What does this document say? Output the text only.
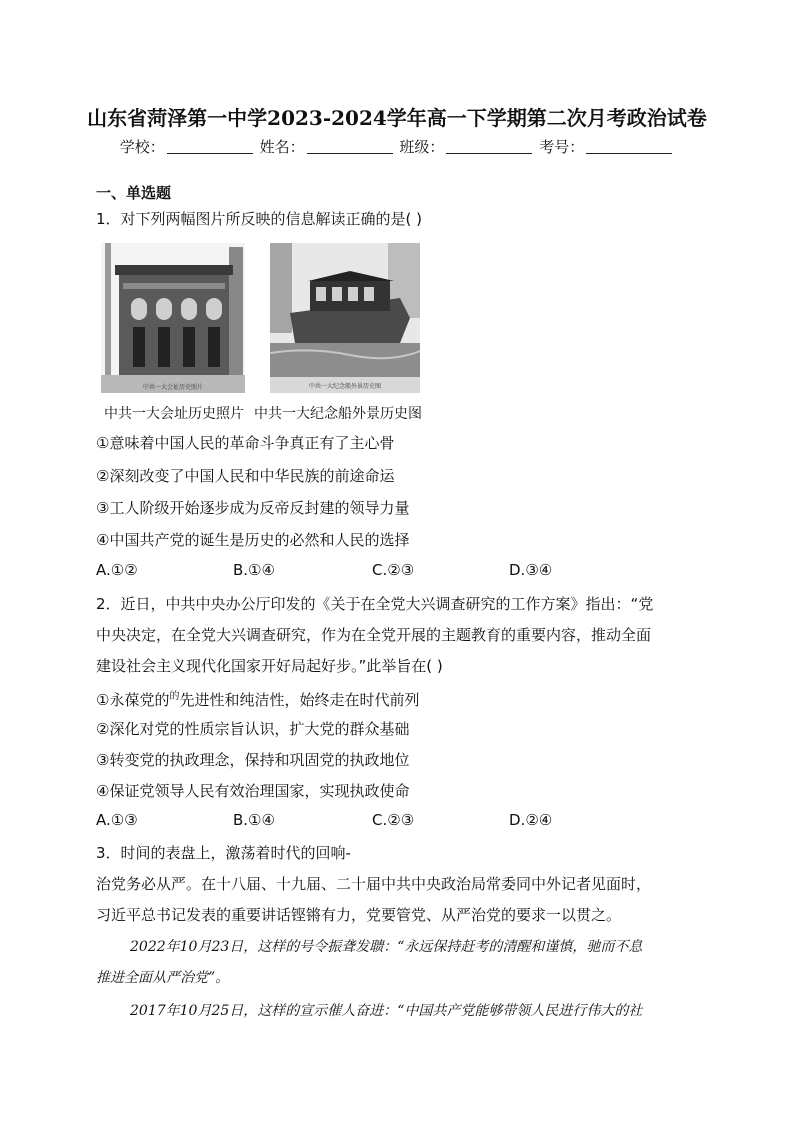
山东省菏泽第一中学2023-2024学年高一下学期第二次月考政治试卷
学校：	姓名：	班级：	考号：
一、单选题
1．对下列两幅图片所反映的信息解读正确的是( )
中共一大会址历史照片	中共一大纪念船外景历史图
中共一大会址历史照片 中共一大纪念船外景历史图
①意味着中国人民的革命斗争真正有了主心骨
②深刻改变了中国人民和中华民族的前途命运
③工人阶级开始逐步成为反帝反封建的领导力量
④中国共产党的诞生是历史的必然和人民的选择
A.①②	B.①④	C.②③	D.③④
2．近日，中共中央办公厅印发的《关于在全党大兴调查研究的工作方案》指出：“党
中央决定，在全党大兴调查研究，作为在全党开展的主题教育的重要内容，推动全面
建设社会主义现代化国家开好局起好步。”此举旨在( )
①永葆党的$^的$先进性和纯洁性，始终走在时代前列
②深化对党的性质宗旨认识，扩大党的群众基础
③转变党的执政理念，保持和巩固党的执政地位
④保证党领导人民有效治理国家，实现执政使命
A.①③	B.①④	C.②③	D.②④
3．时间的表盘上，激荡着时代的回响-
治党务必从严。在十八届、十九届、二十届中共中央政治局常委同中外记者见面时，
习近平总书记发表的重要讲话铿锵有力，党要管党、从严治党的要求一以贯之。
2022年10月23日，这样的号令振聋发聩：“永远保持赶考的清醒和谨慎，驰而不息
推进全面从严治党”。
2017年10月25日，这样的宣示催人奋进：“中国共产党能够带领人民进行伟大的社
